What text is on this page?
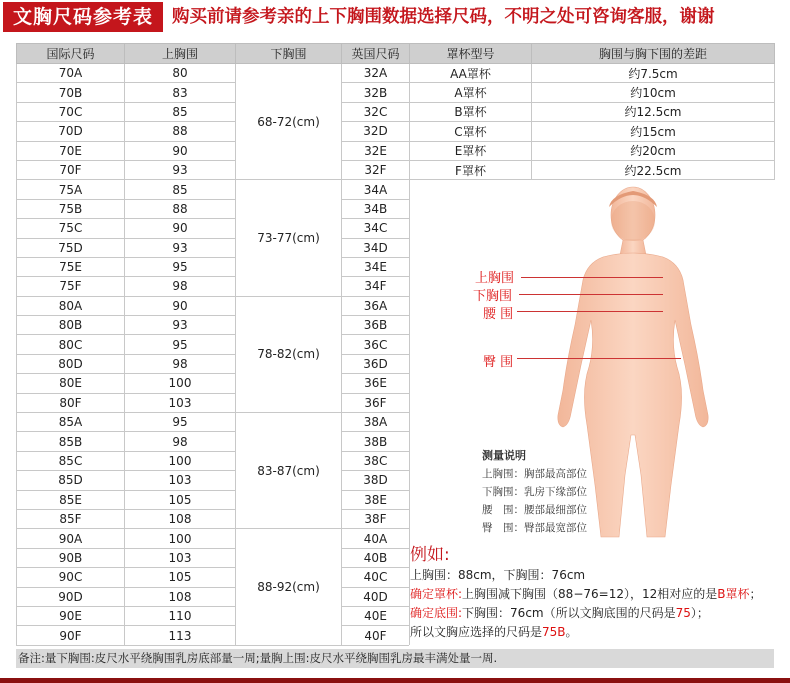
文胸尺码参考表	购买前请参考亲的上下胸围数据选择尺码，不明之处可咨询客服，谢谢
国际尺码	上胸围	下胸围	英国尺码	罩杯型号	胸围与胸下围的差距
70A	80	68-72(cm)	32A	AA罩杯	约7.5cm
70B	83		32B	A罩杯	约10cm
70C	85		32C	B罩杯	约12.5cm
70D	88		32D	C罩杯	约15cm
70E	90		32E	E罩杯	约20cm
70F	93		32F	F罩杯	约22.5cm
75A	85	73-77(cm)	34A		
75B	88		34B		
75C	90		34C		
75D	93		34D		
75E	95		34E		
75F	98		34F		
80A	90	78-82(cm)	36A		
80B	93		36B		
80C	95		36C		
80D	98		36D		
80E	100		36E		
80F	103		36F		
85A	95	83-87(cm)	38A		
85B	98		38B		
85C	100		38C		
85D	103		38D		
85E	105		38E		
85F	108		38F		
90A	100	88-92(cm)	40A		
90B	103		40B		
90C	105		40C		
90D	108		40D		
90E	110		40E		
90F	113		40F		
上胸围
下胸围
腰 围
臀 围
测量说明
上胸围：胸部最高部位
下胸围：乳房下缘部位
腰　围：腰部最细部位
臀　围：臀部最宽部位
例如:
上胸围：88cm，下胸围：76cm
确定罩杯:上胸围减下胸围（88−76=12），12相对应的是B罩杯；
确定底围:下胸围：76cm（所以文胸底围的尺码是75）；
所以文胸应选择的尺码是75B。
备注:量下胸围:皮尺水平绕胸围乳房底部量一周;量胸上围:皮尺水平绕胸围乳房最丰满处量一周.
